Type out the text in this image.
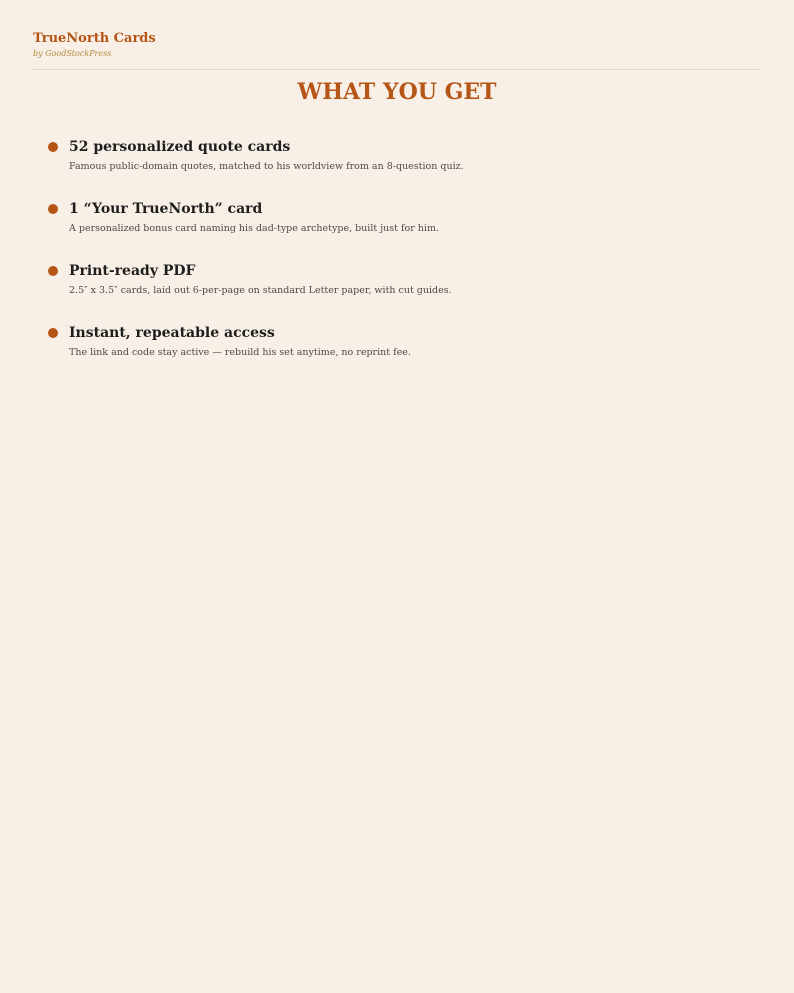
TrueNorth Cards

by GoodStockPress

WHAT YOU GET
52 personalized quote cards
Famous public-domain quotes, matched to his worldview from an 8-question quiz.
1 “Your TrueNorth” card
A personalized bonus card naming his dad-type archetype, built just for him.
Print-ready PDF
2.5″ x 3.5″ cards, laid out 6-per-page on standard Letter paper, with cut guides.
Instant, repeatable access
The link and code stay active — rebuild his set anytime, no reprint fee.
